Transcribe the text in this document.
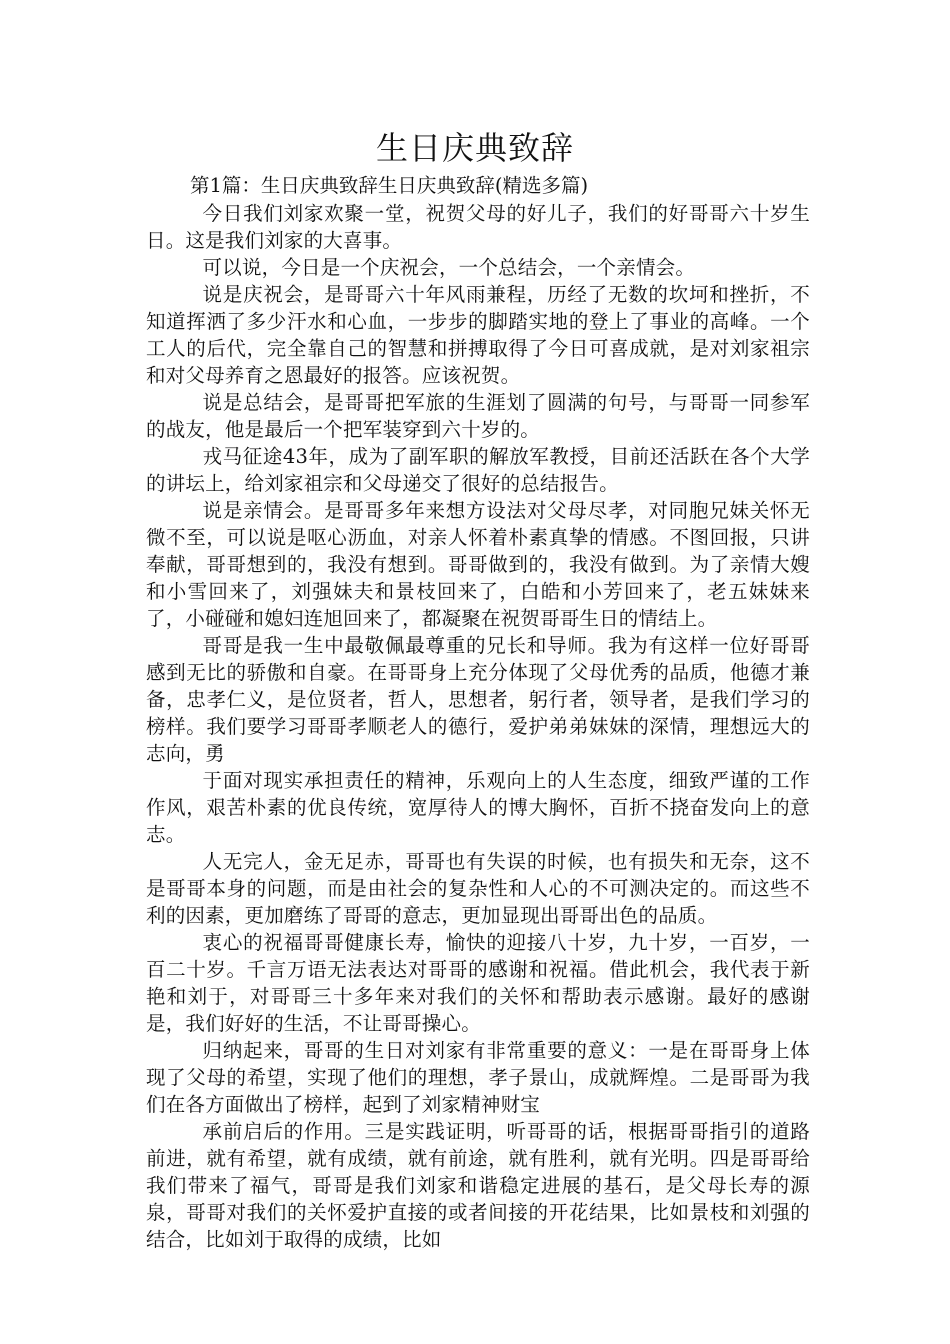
生日庆典致辞
第1篇：生日庆典致辞生日庆典致辞(精选多篇)

今日我们刘家欢聚一堂，祝贺父母的好儿子，我们的好哥哥六十岁生日。这是我们刘家的大喜事。

可以说，今日是一个庆祝会，一个总结会，一个亲情会。

说是庆祝会，是哥哥六十年风雨兼程，历经了无数的坎坷和挫折，不知道挥洒了多少汗水和心血，一步步的脚踏实地的登上了事业的高峰。一个工人的后代，完全靠自己的智慧和拼搏取得了今日可喜成就，是对刘家祖宗和对父母养育之恩最好的报答。应该祝贺。

说是总结会，是哥哥把军旅的生涯划了圆满的句号，与哥哥一同参军的战友，他是最后一个把军装穿到六十岁的。

戎马征途43年，成为了副军职的解放军教授，目前还活跃在各个大学的讲坛上，给刘家祖宗和父母递交了很好的总结报告。

说是亲情会。是哥哥多年来想方设法对父母尽孝，对同胞兄妹关怀无微不至，可以说是呕心沥血，对亲人怀着朴素真挚的情感。不图回报，只讲奉献，哥哥想到的，我没有想到。哥哥做到的，我没有做到。为了亲情大嫂和小雪回来了，刘强妹夫和景枝回来了，白皓和小芳回来了，老五妹妹来了，小碰碰和媳妇连旭回来了，都凝聚在祝贺哥哥生日的情结上。

哥哥是我一生中最敬佩最尊重的兄长和导师。我为有这样一位好哥哥感到无比的骄傲和自豪。在哥哥身上充分体现了父母优秀的品质，他德才兼备，忠孝仁义，是位贤者，哲人，思想者，躬行者，领导者，是我们学习的榜样。我们要学习哥哥孝顺老人的德行，爱护弟弟妹妹的深情，理想远大的志向，勇

于面对现实承担责任的精神，乐观向上的人生态度，细致严谨的工作作风，艰苦朴素的优良传统，宽厚待人的博大胸怀，百折不挠奋发向上的意志。

人无完人，金无足赤，哥哥也有失误的时候，也有损失和无奈，这不是哥哥本身的问题，而是由社会的复杂性和人心的不可测决定的。而这些不利的因素，更加磨练了哥哥的意志，更加显现出哥哥出色的品质。

衷心的祝福哥哥健康长寿，愉快的迎接八十岁，九十岁，一百岁，一百二十岁。千言万语无法表达对哥哥的感谢和祝福。借此机会，我代表于新艳和刘于，对哥哥三十多年来对我们的关怀和帮助表示感谢。最好的感谢是，我们好好的生活，不让哥哥操心。

归纳起来，哥哥的生日对刘家有非常重要的意义：一是在哥哥身上体现了父母的希望，实现了他们的理想，孝子景山，成就辉煌。二是哥哥为我们在各方面做出了榜样，起到了刘家精神财宝

承前启后的作用。三是实践证明，听哥哥的话，根据哥哥指引的道路前进，就有希望，就有成绩，就有前途，就有胜利，就有光明。四是哥哥给我们带来了福气，哥哥是我们刘家和谐稳定进展的基石，是父母长寿的源泉，哥哥对我们的关怀爱护直接的或者间接的开花结果，比如景枝和刘强的结合，比如刘于取得的成绩，比如
